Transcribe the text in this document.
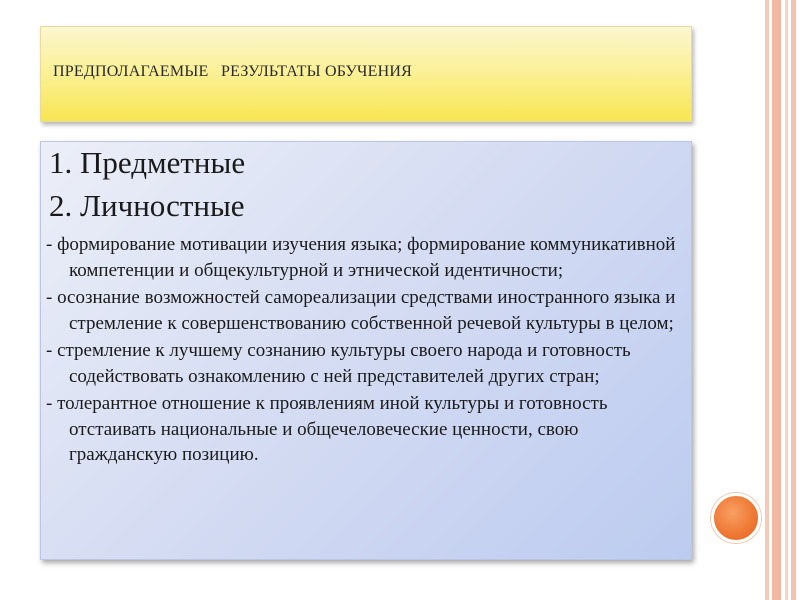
ПРЕДПОЛАГАЕМЫЕ   РЕЗУЛЬТАТЫ ОБУЧЕНИЯ
1. Предметные
2. Личностные
- формирование мотивации изучения языка; формирование коммуникативной компетенции и общекультурной и этнической идентичности;
- осознание возможностей самореализации средствами иностранного языка и стремление к совершенствованию собственной речевой культуры в целом;
- стремление к лучшему сознанию культуры своего народа и готовность содействовать ознакомлению с ней представителей других стран;
- толерантное отношение к проявлениям иной культуры и готовность отстаивать национальные и общечеловеческие ценности, свою гражданскую позицию.
